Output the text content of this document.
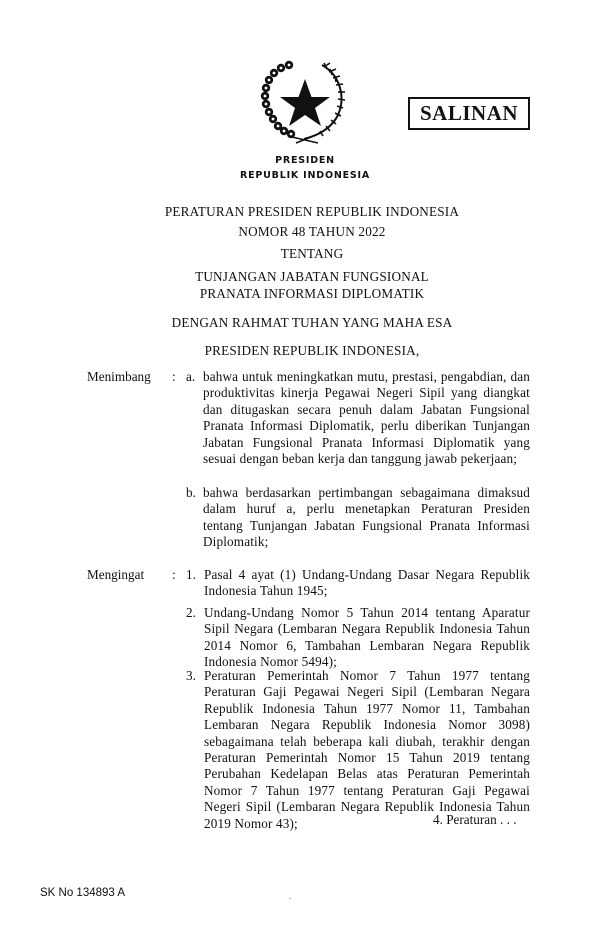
SALINAN
PRESIDEN
REPUBLIK INDONESIA
PERATURAN PRESIDEN REPUBLIK INDONESIA
NOMOR 48 TAHUN 2022
TENTANG
TUNJANGAN JABATAN FUNGSIONAL
PRANATA INFORMASI DIPLOMATIK
DENGAN RAHMAT TUHAN YANG MAHA ESA
PRESIDEN REPUBLIK INDONESIA,
Menimbang : a. bahwa untuk meningkatkan mutu, prestasi, pengabdian, dan produktivitas kinerja Pegawai Negeri Sipil yang diangkat dan ditugaskan secara penuh dalam Jabatan Fungsional Pranata Informasi Diplomatik, perlu diberikan Tunjangan Jabatan Fungsional Pranata Informasi Diplomatik yang sesuai dengan beban kerja dan tanggung jawab pekerjaan;
b. bahwa berdasarkan pertimbangan sebagaimana dimaksud dalam huruf a, perlu menetapkan Peraturan Presiden tentang Tunjangan Jabatan Fungsional Pranata Informasi Diplomatik;
Mengingat : 1. Pasal 4 ayat (1) Undang-Undang Dasar Negara Republik Indonesia Tahun 1945;
2. Undang-Undang Nomor 5 Tahun 2014 tentang Aparatur Sipil Negara (Lembaran Negara Republik Indonesia Tahun 2014 Nomor 6, Tambahan Lembaran Negara Republik Indonesia Nomor 5494);
3. Peraturan Pemerintah Nomor 7 Tahun 1977 tentang Peraturan Gaji Pegawai Negeri Sipil (Lembaran Negara Republik Indonesia Tahun 1977 Nomor 11, Tambahan Lembaran Negara Republik Indonesia Nomor 3098) sebagaimana telah beberapa kali diubah, terakhir dengan Peraturan Pemerintah Nomor 15 Tahun 2019 tentang Perubahan Kedelapan Belas atas Peraturan Pemerintah Nomor 7 Tahun 1977 tentang Peraturan Gaji Pegawai Negeri Sipil (Lembaran Negara Republik Indonesia Tahun 2019 Nomor 43);	4. Peraturan . . .
SK No 134893 A
